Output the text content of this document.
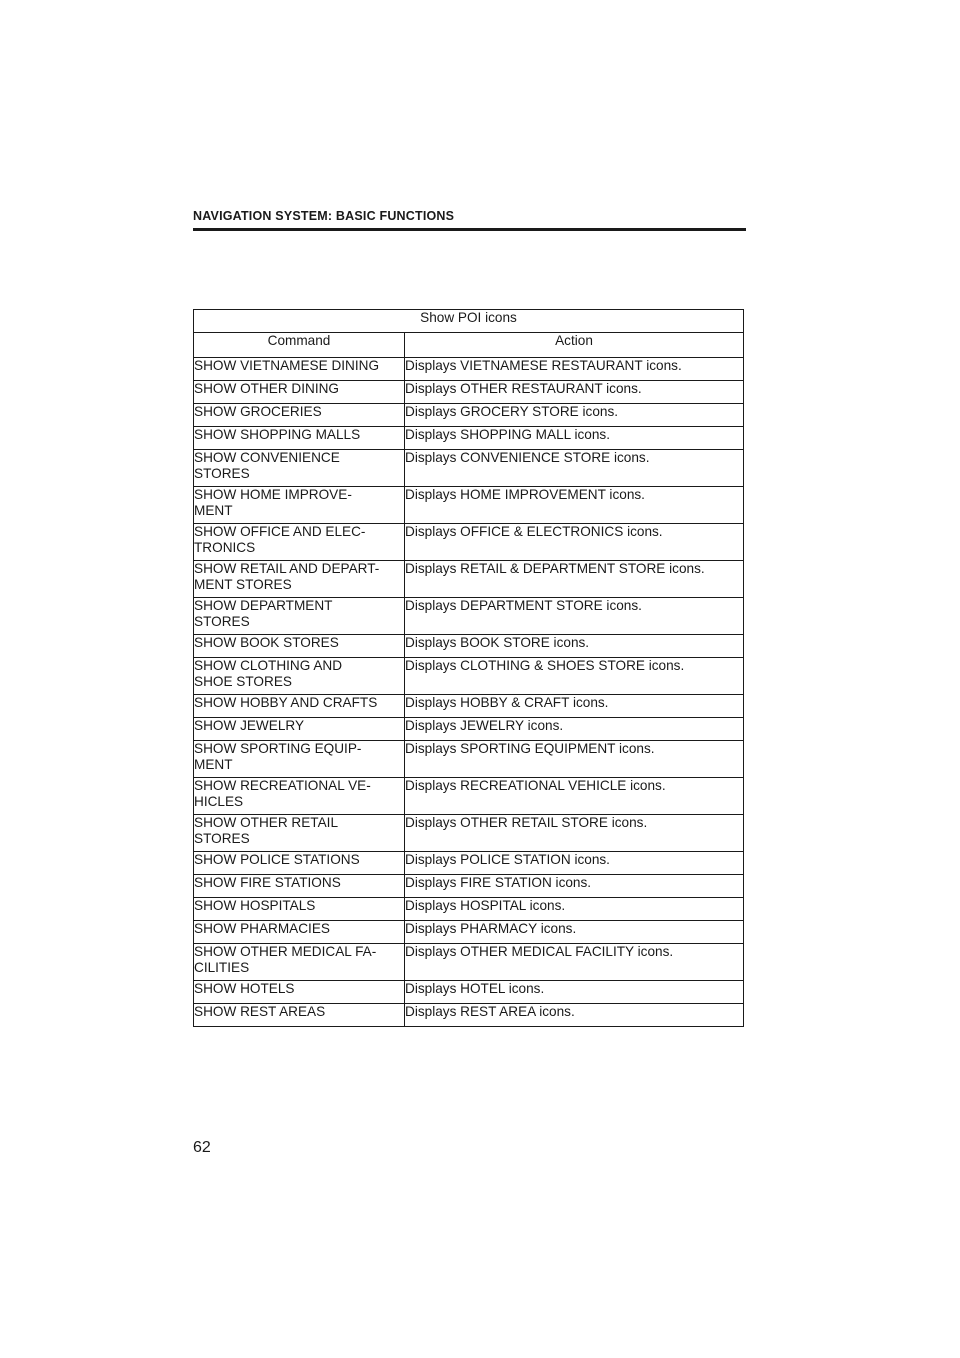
NAVIGATION SYSTEM: BASIC FUNCTIONS
Show POI icons	
Command	Action
SHOW VIETNAMESE DINING	Displays VIETNAMESE RESTAURANT icons.
SHOW OTHER DINING	Displays OTHER RESTAURANT icons.
SHOW GROCERIES	Displays GROCERY STORE icons.
SHOW SHOPPING MALLS	Displays SHOPPING MALL icons.
SHOW CONVENIENCE
STORES	Displays CONVENIENCE STORE icons.
SHOW HOME IMPROVE-
MENT	Displays HOME IMPROVEMENT icons.
SHOW OFFICE AND ELEC-
TRONICS	Displays OFFICE & ELECTRONICS icons.
SHOW RETAIL AND DEPART-
MENT STORES	Displays RETAIL & DEPARTMENT STORE icons.
SHOW DEPARTMENT
STORES	Displays DEPARTMENT STORE icons.
SHOW BOOK STORES	Displays BOOK STORE icons.
SHOW CLOTHING AND
SHOE STORES	Displays CLOTHING & SHOES STORE icons.
SHOW HOBBY AND CRAFTS	Displays HOBBY & CRAFT icons.
SHOW JEWELRY	Displays JEWELRY icons.
SHOW SPORTING EQUIP-
MENT	Displays SPORTING EQUIPMENT icons.
SHOW RECREATIONAL VE-
HICLES	Displays RECREATIONAL VEHICLE icons.
SHOW OTHER RETAIL
STORES	Displays OTHER RETAIL STORE icons.
SHOW POLICE STATIONS	Displays POLICE STATION icons.
SHOW FIRE STATIONS	Displays FIRE STATION icons.
SHOW HOSPITALS	Displays HOSPITAL icons.
SHOW PHARMACIES	Displays PHARMACY icons.
SHOW OTHER MEDICAL FA-
CILITIES	Displays OTHER MEDICAL FACILITY icons.
SHOW HOTELS	Displays HOTEL icons.
SHOW REST AREAS	Displays REST AREA icons.
62
